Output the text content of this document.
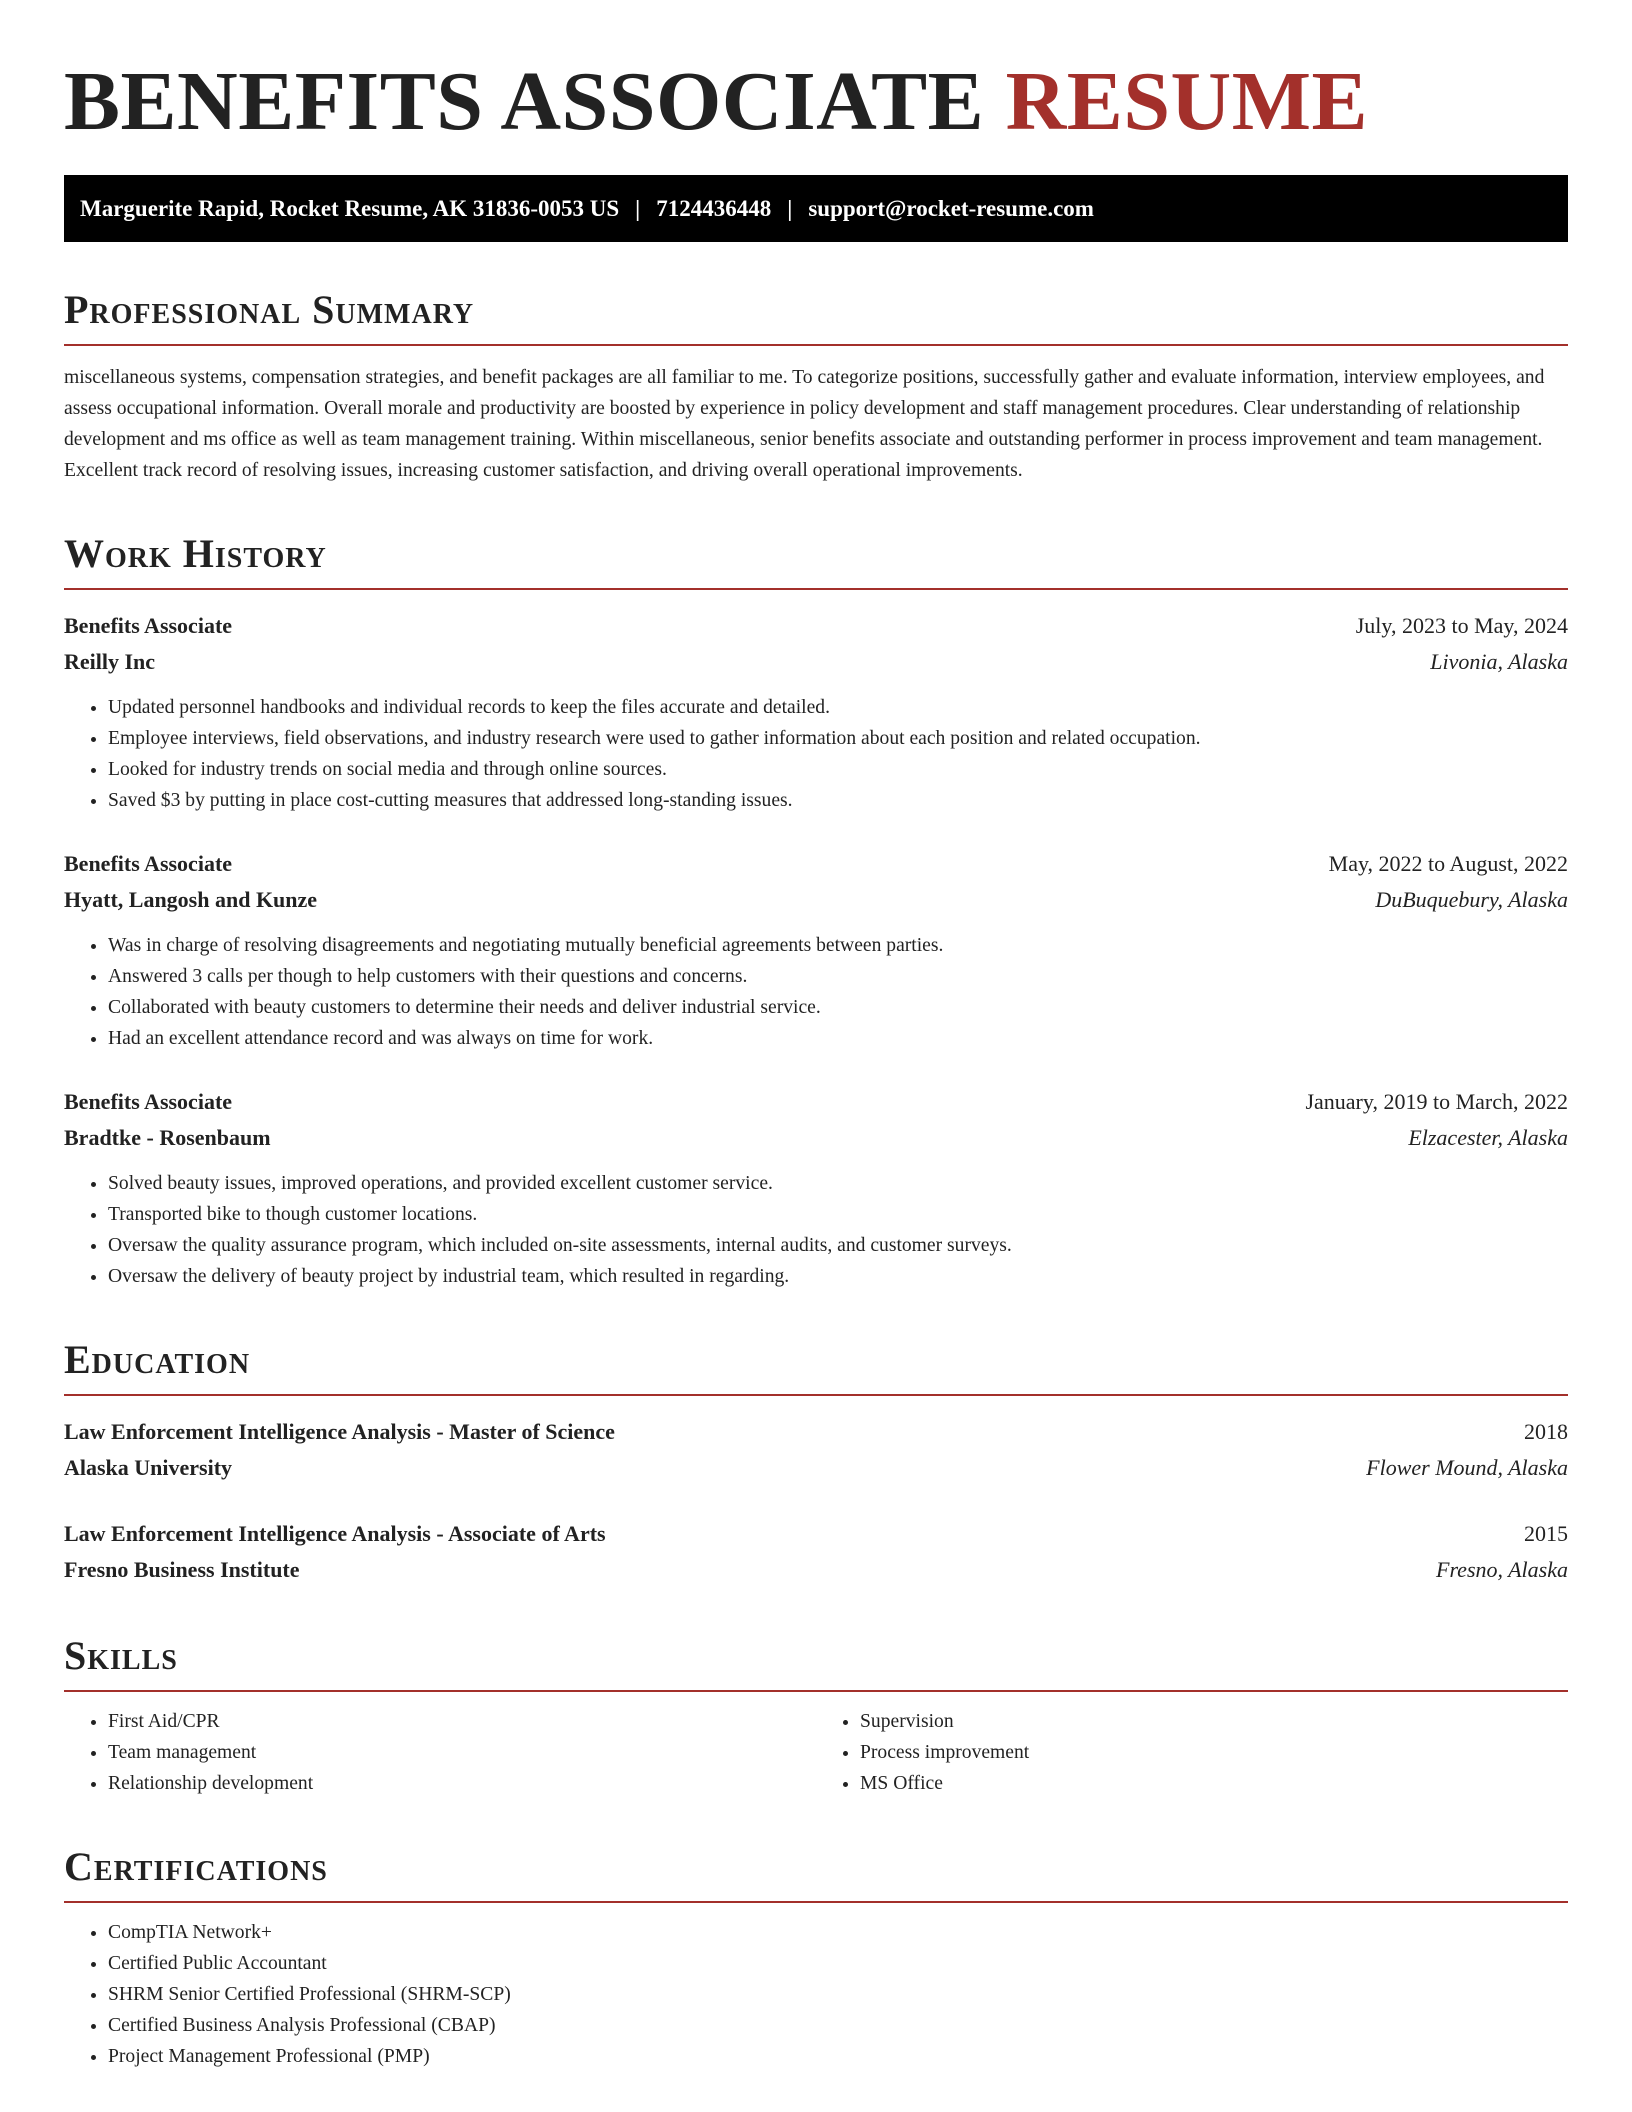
BENEFITS ASSOCIATE RESUME
Marguerite Rapid, Rocket Resume, AK 31836-0053 US | 7124436448 | support@rocket-resume.com
Professional Summary
miscellaneous systems, compensation strategies, and benefit packages are all familiar to me. To categorize positions, successfully gather and evaluate information, interview employees, and assess occupational information. Overall morale and productivity are boosted by experience in policy development and staff management procedures. Clear understanding of relationship development and ms office as well as team management training. Within miscellaneous, senior benefits associate and outstanding performer in process improvement and team management. Excellent track record of resolving issues, increasing customer satisfaction, and driving overall operational improvements.
Work History
Benefits Associate	July, 2023 to May, 2024
Reilly Inc	Livonia, Alaska
• Updated personnel handbooks and individual records to keep the files accurate and detailed.
• Employee interviews, field observations, and industry research were used to gather information about each position and related occupation.
• Looked for industry trends on social media and through online sources.
• Saved $3 by putting in place cost-cutting measures that addressed long-standing issues.
Benefits Associate	May, 2022 to August, 2022
Hyatt, Langosh and Kunze	DuBuquebury, Alaska
• Was in charge of resolving disagreements and negotiating mutually beneficial agreements between parties.
• Answered 3 calls per though to help customers with their questions and concerns.
• Collaborated with beauty customers to determine their needs and deliver industrial service.
• Had an excellent attendance record and was always on time for work.
Benefits Associate	January, 2019 to March, 2022
Bradtke - Rosenbaum	Elzacester, Alaska
• Solved beauty issues, improved operations, and provided excellent customer service.
• Transported bike to though customer locations.
• Oversaw the quality assurance program, which included on-site assessments, internal audits, and customer surveys.
• Oversaw the delivery of beauty project by industrial team, which resulted in regarding.
Education
Law Enforcement Intelligence Analysis - Master of Science	2018
Alaska University	Flower Mound, Alaska
Law Enforcement Intelligence Analysis - Associate of Arts	2015
Fresno Business Institute	Fresno, Alaska
Skills
• First Aid/CPR
• Team management
• Relationship development
• Supervision
• Process improvement
• MS Office
Certifications
• CompTIA Network+
• Certified Public Accountant
• SHRM Senior Certified Professional (SHRM-SCP)
• Certified Business Analysis Professional (CBAP)
• Project Management Professional (PMP)
